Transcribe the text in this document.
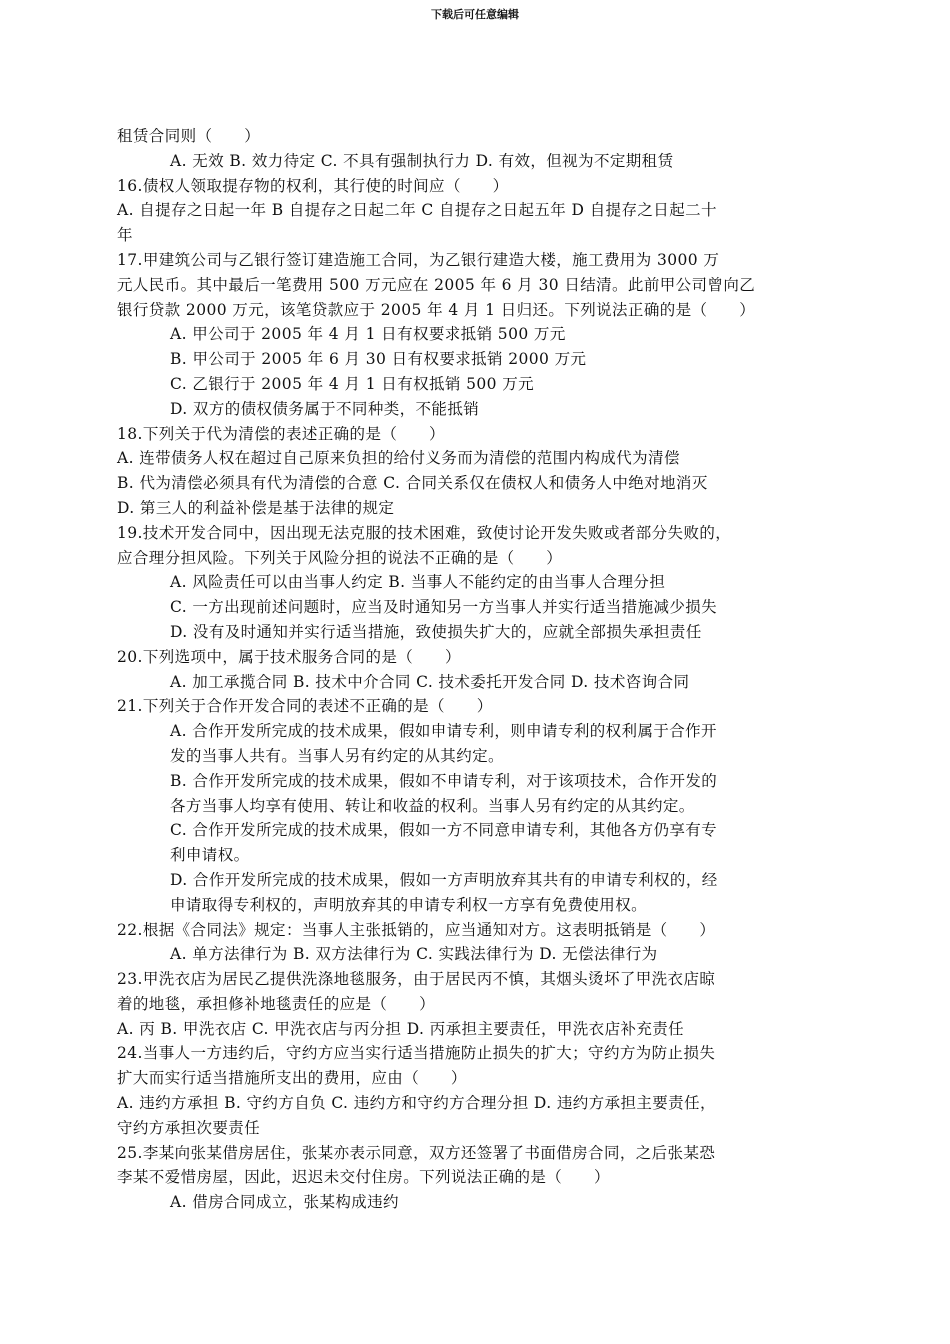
下载后可任意编辑
租赁合同则（　　）
A. 无效 B. 效力待定 C. 不具有强制执行力 D. 有效，但视为不定期租赁
16.债权人领取提存物的权利，其行使的时间应（　　）
A. 自提存之日起一年 B 自提存之日起二年 C 自提存之日起五年 D 自提存之日起二十
年
17.甲建筑公司与乙银行签订建造施工合同，为乙银行建造大楼，施工费用为 3000 万
元人民币。其中最后一笔费用 500 万元应在 2005 年 6 月 30 日结清。此前甲公司曾向乙
银行贷款 2000 万元，该笔贷款应于 2005 年 4 月 1 日归还。下列说法正确的是（　　）
A. 甲公司于 2005 年 4 月 1 日有权要求抵销 500 万元
B. 甲公司于 2005 年 6 月 30 日有权要求抵销 2000 万元
C. 乙银行于 2005 年 4 月 1 日有权抵销 500 万元
D. 双方的债权债务属于不同种类，不能抵销
18.下列关于代为清偿的表述正确的是（　　）
A. 连带债务人权在超过自己原来负担的给付义务而为清偿的范围内构成代为清偿
B. 代为清偿必须具有代为清偿的合意 C. 合同关系仅在债权人和债务人中绝对地消灭
D. 第三人的利益补偿是基于法律的规定
19.技术开发合同中，因出现无法克服的技术困难，致使讨论开发失败或者部分失败的，
应合理分担风险。下列关于风险分担的说法不正确的是（　　）
A. 风险责任可以由当事人约定 B. 当事人不能约定的由当事人合理分担
C. 一方出现前述问题时，应当及时通知另一方当事人并实行适当措施减少损失
D. 没有及时通知并实行适当措施，致使损失扩大的，应就全部损失承担责任
20.下列选项中，属于技术服务合同的是（　　）
A. 加工承揽合同 B. 技术中介合同 C. 技术委托开发合同 D. 技术咨询合同
21.下列关于合作开发合同的表述不正确的是（　　）
A. 合作开发所完成的技术成果，假如申请专利，则申请专利的权利属于合作开
发的当事人共有。当事人另有约定的从其约定。
B. 合作开发所完成的技术成果，假如不申请专利，对于该项技术，合作开发的
各方当事人均享有使用、转让和收益的权利。当事人另有约定的从其约定。
C. 合作开发所完成的技术成果，假如一方不同意申请专利，其他各方仍享有专
利申请权。
D. 合作开发所完成的技术成果，假如一方声明放弃其共有的申请专利权的，经
申请取得专利权的，声明放弃其的申请专利权一方享有免费使用权。
22.根据《合同法》规定：当事人主张抵销的，应当通知对方。这表明抵销是（　　）
A. 单方法律行为 B. 双方法律行为 C. 实践法律行为 D. 无偿法律行为
23.甲洗衣店为居民乙提供洗涤地毯服务，由于居民丙不慎，其烟头烫坏了甲洗衣店晾
着的地毯，承担修补地毯责任的应是（　　）
A. 丙 B. 甲洗衣店 C. 甲洗衣店与丙分担 D. 丙承担主要责任，甲洗衣店补充责任
24.当事人一方违约后，守约方应当实行适当措施防止损失的扩大；守约方为防止损失
扩大而实行适当措施所支出的费用，应由（　　）
A. 违约方承担 B. 守约方自负 C. 违约方和守约方合理分担 D. 违约方承担主要责任，
守约方承担次要责任
25.李某向张某借房居住，张某亦表示同意，双方还签署了书面借房合同，之后张某恐
李某不爱惜房屋，因此，迟迟未交付住房。下列说法正确的是（　　）
A. 借房合同成立，张某构成违约
